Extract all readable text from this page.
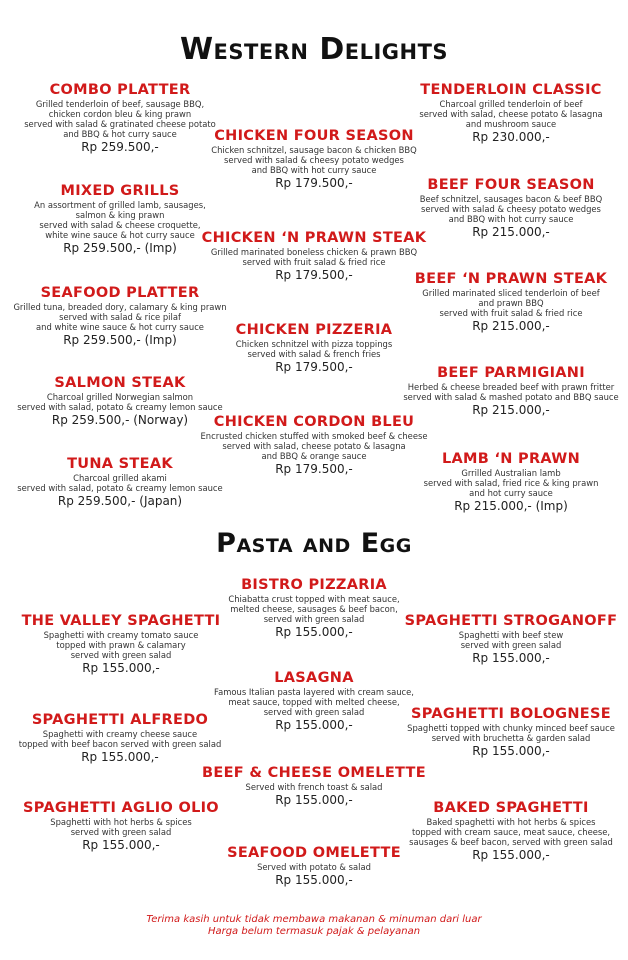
Western Delights
COMBO PLATTER
Grilled tenderloin of beef, sausage BBQ,
chicken cordon bleu & king prawn
served with salad & gratinated cheese potato
and BBQ & hot curry sauce
Rp 259.500,-
MIXED GRILLS
An assortment of grilled lamb, sausages,
salmon & king prawn
served with salad & cheese croquette,
white wine sauce & hot curry sauce
Rp 259.500,- (Imp)
SEAFOOD PLATTER
Grilled tuna, breaded dory, calamary & king prawn
served with salad & rice pilaf
and white wine sauce & hot curry sauce
Rp 259.500,- (Imp)
SALMON STEAK
Charcoal grilled Norwegian salmon
served with salad, potato & creamy lemon sauce
Rp 259.500,- (Norway)
TUNA STEAK
Charcoal grilled akami
served with salad, potato & creamy lemon sauce
Rp 259.500,- (Japan)
CHICKEN FOUR SEASON
Chicken schnitzel, sausage bacon & chicken BBQ
served with salad & cheesy potato wedges
and BBQ with hot curry sauce
Rp 179.500,-
CHICKEN ‘N PRAWN STEAK
Grilled marinated boneless chicken & prawn BBQ
served with fruit salad & fried rice
Rp 179.500,-
CHICKEN PIZZERIA
Chicken schnitzel with pizza toppings
served with salad & french fries
Rp 179.500,-
CHICKEN CORDON BLEU
Encrusted chicken stuffed with smoked beef & cheese
served with salad, cheese potato & lasagna
and BBQ & orange sauce
Rp 179.500,-
TENDERLOIN CLASSIC
Charcoal grilled tenderloin of beef
served with salad, cheese potato & lasagna
and mushroom sauce
Rp 230.000,-
BEEF FOUR SEASON
Beef schnitzel, sausages bacon & beef BBQ
served with salad & cheesy potato wedges
and BBQ with hot curry sauce
Rp 215.000,-
BEEF ‘N PRAWN STEAK
Grilled marinated sliced tenderloin of beef
and prawn BBQ
served with fruit salad & fried rice
Rp 215.000,-
BEEF PARMIGIANI
Herbed & cheese breaded beef with prawn fritter
served with salad & mashed potato and BBQ sauce
Rp 215.000,-
LAMB ‘N PRAWN
Grrilled Australian lamb
served with salad, fried rice & king prawn
and hot curry sauce
Rp 215.000,- (Imp)
Pasta and Egg
THE VALLEY SPAGHETTI
Spaghetti with creamy tomato sauce
topped with prawn & calamary
served with green salad
Rp 155.000,-
SPAGHETTI ALFREDO
Spaghetti with creamy cheese sauce
topped with beef bacon served with green salad
Rp 155.000,-
SPAGHETTI AGLIO OLIO
Spaghetti with hot herbs & spices
served with green salad
Rp 155.000,-
BISTRO PIZZARIA
Chiabatta crust topped with meat sauce,
melted cheese, sausages & beef bacon,
served with green salad
Rp 155.000,-
LASAGNA
Famous Italian pasta layered with cream sauce,
meat sauce, topped with melted cheese,
served with green salad
Rp 155.000,-
BEEF & CHEESE OMELETTE
Served with french toast & salad
Rp 155.000,-
SEAFOOD OMELETTE
Served with potato & salad
Rp 155.000,-
SPAGHETTI STROGANOFF
Spaghetti with beef stew
served with green salad
Rp 155.000,-
SPAGHETTI BOLOGNESE
Spaghetti topped with chunky minced beef sauce
served with bruchetta & garden salad
Rp 155.000,-
BAKED SPAGHETTI
Baked spaghetti with hot herbs & spices
topped with cream sauce, meat sauce, cheese,
sausages & beef bacon, served with green salad
Rp 155.000,-
Terima kasih untuk tidak membawa makanan & minuman dari luar
Harga belum termasuk pajak & pelayanan
